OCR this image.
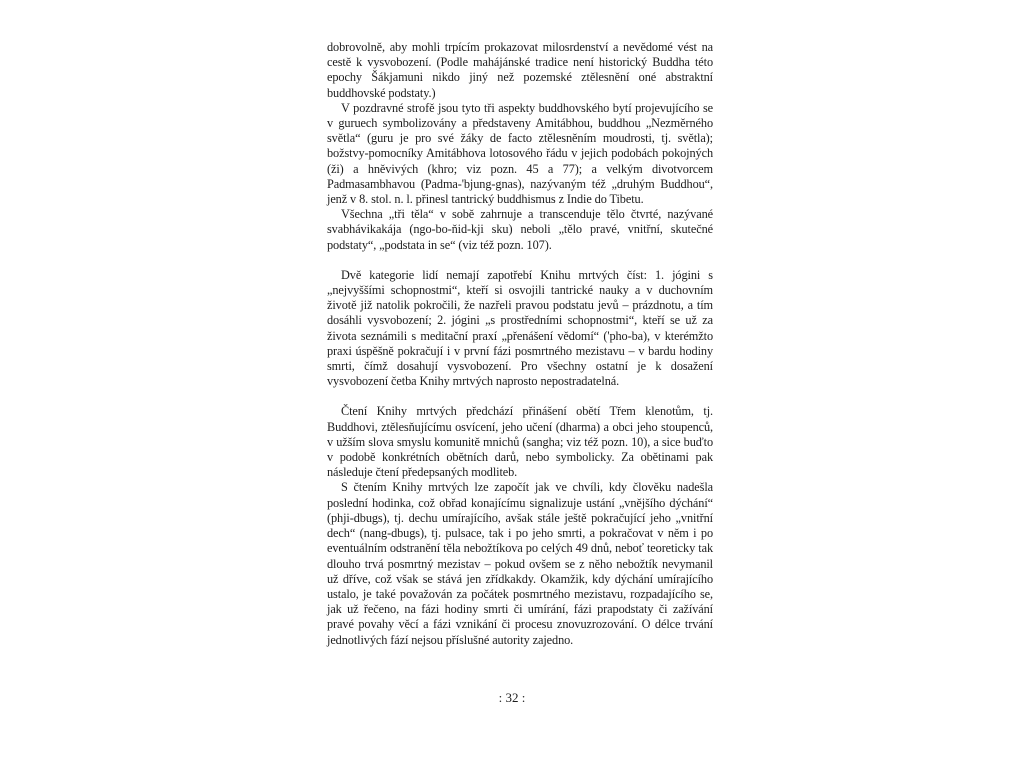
dobrovolně, aby mohli trpícím prokazovat milosrdenství a nevědomé vést na cestě k vysvobození. (Podle mahájánské tradice není historický Buddha této epochy Šákjamuni nikdo jiný než pozemské ztělesnění oné abstraktní buddhovské podstaty.)

V pozdravné strofě jsou tyto tři aspekty buddhovského bytí projevujícího se v guruech symbolizovány a představeny Amitábhou, buddhou „Nezměrného světla“ (guru je pro své žáky de facto ztělesněním moudrosti, tj. světla); božstvy-pomocníky Amitábhova lotosového řádu v jejich podobách pokojných (ži) a hněvivých (khro; viz pozn. 45 a 77); a velkým divotvorcem Padmasambhavou (Padma-'bjung-gnas), nazývaným též „druhým Buddhou“, jenž v 8. stol. n. l. přinesl tantrický buddhismus z Indie do Tibetu.

Všechna „tři těla“ v sobě zahrnuje a transcenduje tělo čtvrté, nazývané svabhávikakája (ngo-bo-ňid-kji sku) neboli „tělo pravé, vnitřní, skutečné podstaty“, „podstata in se“ (viz též pozn. 107).

Dvě kategorie lidí nemají zapotřebí Knihu mrtvých číst: 1. jógini s „nejvyššími schopnostmi“, kteří si osvojili tantrické nauky a v duchovním životě již natolik pokročili, že nazřeli pravou podstatu jevů – prázdnotu, a tím dosáhli vysvobození; 2. jógini „s prostředními schopnostmi“, kteří se už za života seznámili s meditační praxí „přenášení vědomí“ ('pho-ba), v kterémžto praxi úspěšně pokračují i v první fázi posmrtného mezistavu – v bardu hodiny smrti, čímž dosahují vysvobození. Pro všechny ostatní je k dosažení vysvobození četba Knihy mrtvých naprosto nepostradatelná.

Čtení Knihy mrtvých předchází přinášení obětí Třem klenotům, tj. Buddhovi, ztělesňujícímu osvícení, jeho učení (dharma) a obci jeho stoupenců, v užším slova smyslu komunitě mnichů (sangha; viz též pozn. 10), a sice buďto v podobě konkrétních obětních darů, nebo symbolicky. Za obětinami pak následuje čtení předepsaných modliteb.

S čtením Knihy mrtvých lze započít jak ve chvíli, kdy člověku nadešla poslední hodinka, což obřad konajícímu signalizuje ustání „vnějšího dýchání“ (phji-dbugs), tj. dechu umírajícího, avšak stále ještě pokračující jeho „vnitřní dech“ (nang-dbugs), tj. pulsace, tak i po jeho smrti, a pokračovat v něm i po eventuálním odstranění těla nebožtíkova po celých 49 dnů, neboť teoreticky tak dlouho trvá posmrtný mezistav – pokud ovšem se z něho nebožtík nevymanil už dříve, což však se stává jen zřídkakdy. Okamžik, kdy dýchání umírajícího ustalo, je také považován za počátek posmrtného mezistavu, rozpadajícího se, jak už řečeno, na fázi hodiny smrti či umírání, fázi prapodstaty či zažívání pravé povahy věcí a fázi vznikání či procesu znovuzrozování. O délce trvání jednotlivých fází nejsou příslušné autority zajedno.

: 32 :
